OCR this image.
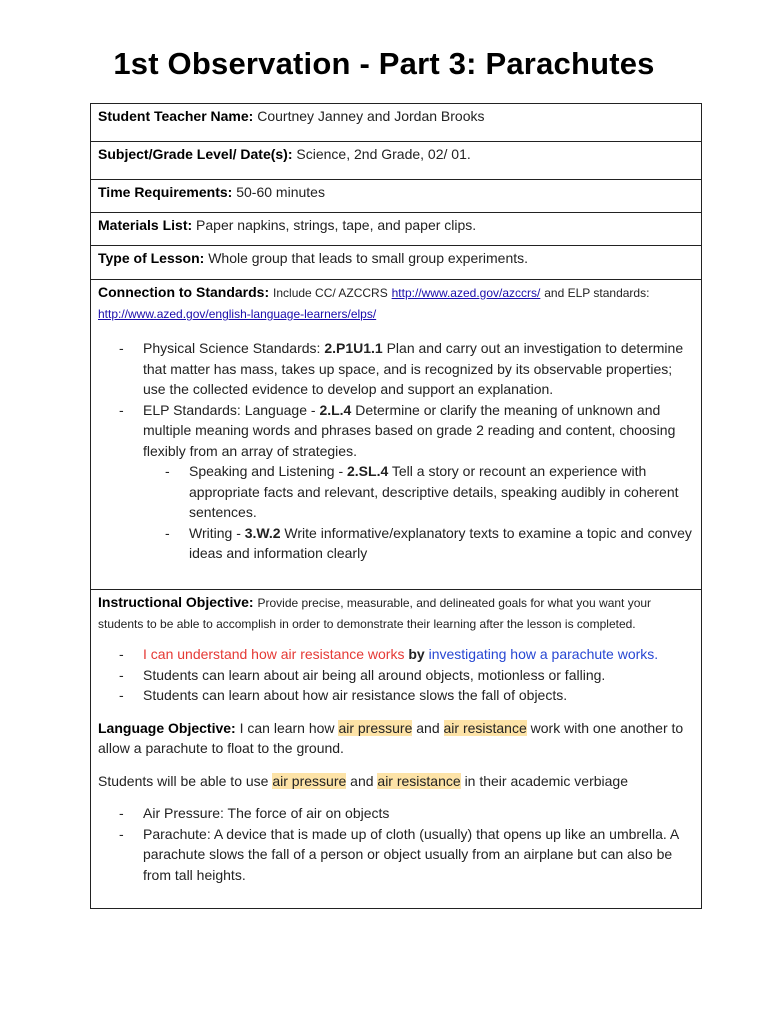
1st Observation - Part 3: Parachutes
Student Teacher Name: Courtney Janney and Jordan Brooks
Subject/Grade Level/ Date(s): Science, 2nd Grade, 02/ 01.
Time Requirements: 50-60 minutes
Materials List: Paper napkins, strings, tape, and paper clips.
Type of Lesson: Whole group that leads to small group experiments.

Connection to Standards: Include CC/ AZCCRS http://www.azed.gov/azccrs/ and ELP standards:
http://www.azed.gov/english-language-learners/elps/
- Physical Science Standards: 2.P1U1.1 Plan and carry out an investigation to determine that matter has mass, takes up space, and is recognized by its observable properties; use the collected evidence to develop and support an explanation.
- ELP Standards: Language - 2.L.4 Determine or clarify the meaning of unknown and multiple meaning words and phrases based on grade 2 reading and content, choosing flexibly from an array of strategies.
- Speaking and Listening - 2.SL.4 Tell a story or recount an experience with appropriate facts and relevant, descriptive details, speaking audibly in coherent sentences.
- Writing - 3.W.2 Write informative/explanatory texts to examine a topic and convey ideas and information clearly

Instructional Objective: Provide precise, measurable, and delineated goals for what you want your students to be able to accomplish in order to demonstrate their learning after the lesson is completed.
- I can understand how air resistance works by investigating how a parachute works.
- Students can learn about air being all around objects, motionless or falling.
- Students can learn about how air resistance slows the fall of objects.

Language Objective: I can learn how air pressure and air resistance work with one another to allow a parachute to float to the ground.

Students will be able to use air pressure and air resistance in their academic verbiage

- Air Pressure: The force of air on objects
- Parachute: A device that is made up of cloth (usually) that opens up like an umbrella. A parachute slows the fall of a person or object usually from an airplane but can also be from tall heights.
